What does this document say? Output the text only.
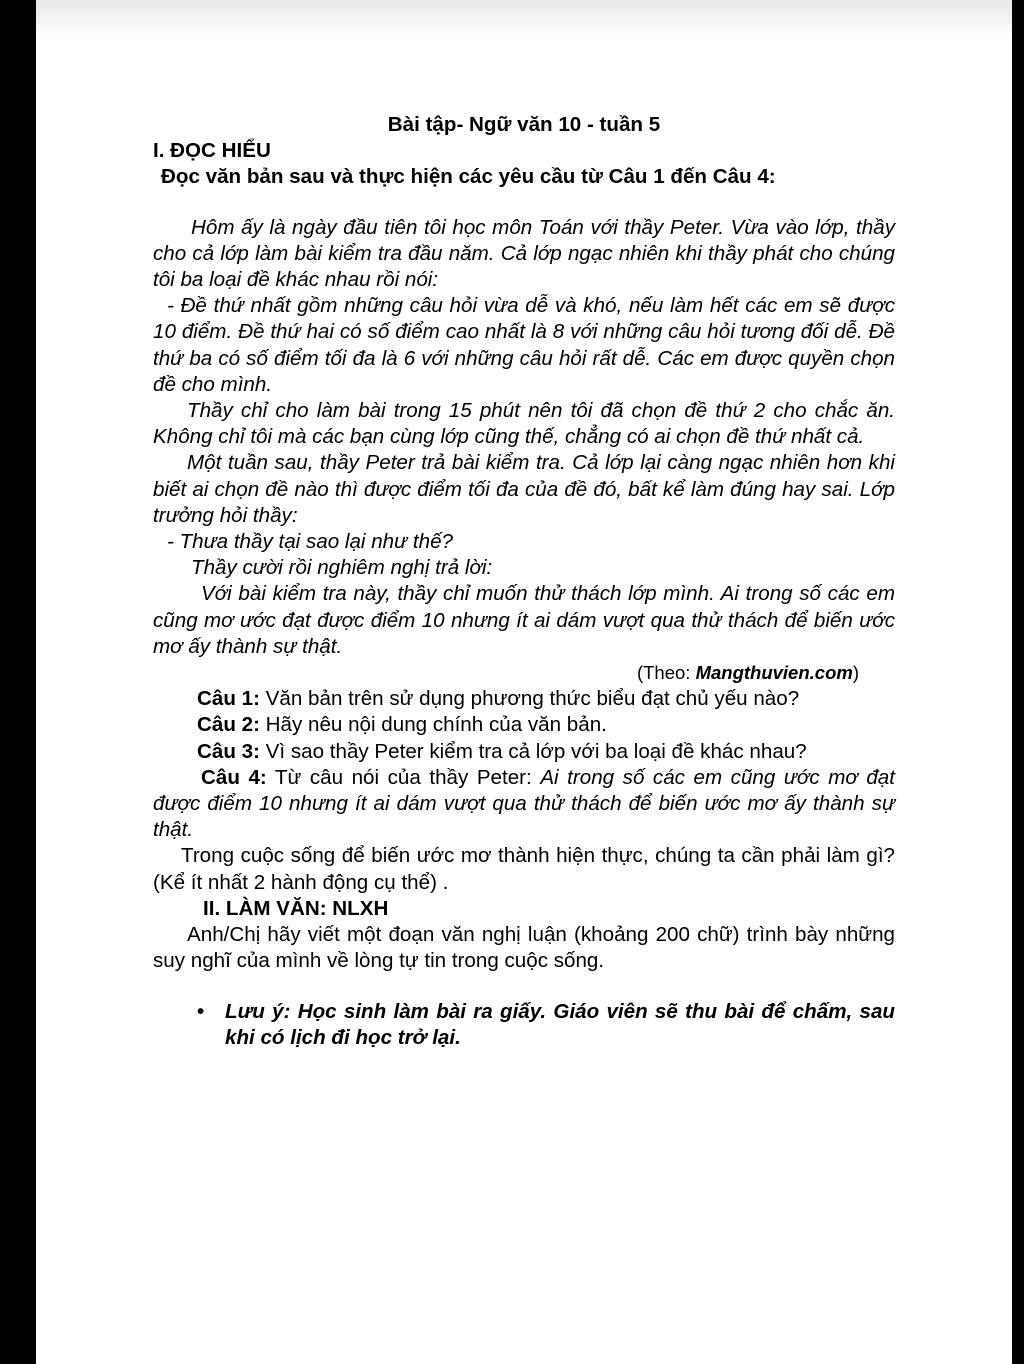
Bài tập- Ngữ văn 10 - tuần 5

I. ĐỌC HIỂU

Đọc văn bản sau và thực hiện các yêu cầu từ Câu 1 đến Câu 4:

Hôm ấy là ngày đầu tiên tôi học môn Toán với thầy Peter. Vừa vào lớp, thầy cho cả lớp làm bài kiểm tra đầu năm. Cả lớp ngạc nhiên khi thầy phát cho chúng tôi ba loại đề khác nhau rồi nói:

- Đề thứ nhất gồm những câu hỏi vừa dễ và khó, nếu làm hết các em sẽ được 10 điểm. Đề thứ hai có số điểm cao nhất là 8 với những câu hỏi tương đối dễ. Đề thứ ba có số điểm tối đa là 6 với những câu hỏi rất dễ. Các em được quyền chọn đề cho mình.

Thầy chỉ cho làm bài trong 15 phút nên tôi đã chọn đề thứ 2 cho chắc ăn. Không chỉ tôi mà các bạn cùng lớp cũng thế, chẳng có ai chọn đề thứ nhất cả.

Một tuần sau, thầy Peter trả bài kiểm tra. Cả lớp lại càng ngạc nhiên hơn khi biết ai chọn đề nào thì được điểm tối đa của đề đó, bất kể làm đúng hay sai. Lớp trưởng hỏi thầy:

- Thưa thầy tại sao lại như thế?

Thầy cười rồi nghiêm nghị trả lời:

Với bài kiểm tra này, thầy chỉ muốn thử thách lớp mình. Ai trong số các em cũng mơ ước đạt được điểm 10 nhưng ít ai dám vượt qua thử thách để biến ước mơ ấy thành sự thật.

(Theo: Mangthuvien.com)

Câu 1: Văn bản trên sử dụng phương thức biểu đạt chủ yếu nào?

Câu 2: Hãy nêu nội dung chính của văn bản.

Câu 3: Vì sao thầy Peter kiểm tra cả lớp với ba loại đề khác nhau?

Câu 4: Từ câu nói của thầy Peter: Ai trong số các em cũng ước mơ đạt được điểm 10 nhưng ít ai dám vượt qua thử thách để biến ước mơ ấy thành sự thật.

Trong cuộc sống để biến ước mơ thành hiện thực, chúng ta cần phải làm gì? (Kể ít nhất 2 hành động cụ thể) .

II. LÀM VĂN: NLXH

Anh/Chị hãy viết một đoạn văn nghị luận (khoảng 200 chữ) trình bày những suy nghĩ của mình về lòng tự tin trong cuộc sống.

• Lưu ý: Học sinh làm bài ra giấy. Giáo viên sẽ thu bài để chấm, sau khi có lịch đi học trở lại.
